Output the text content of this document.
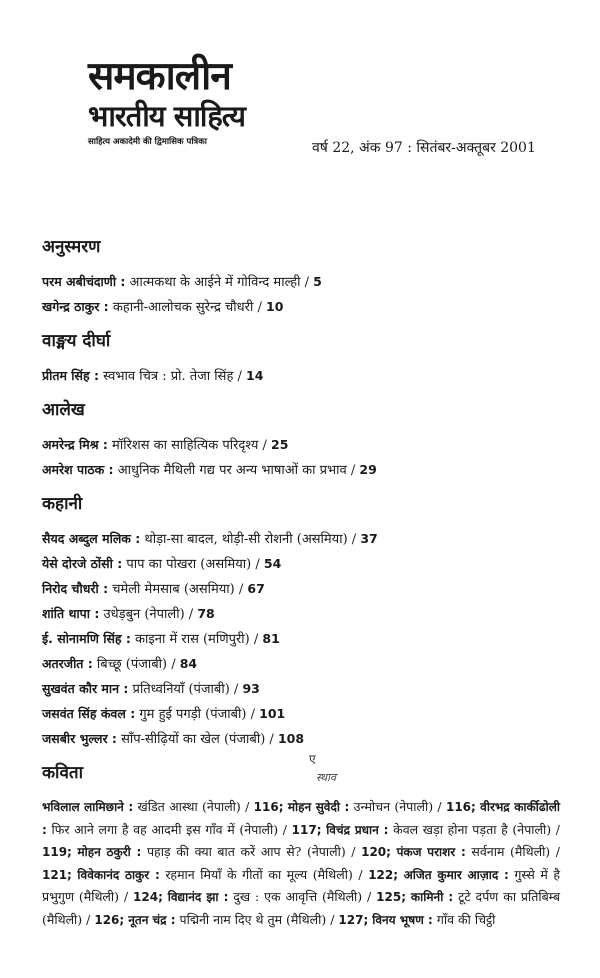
समकालीन
भारतीय साहित्य
साहित्य अकादेमी की द्विमासिक पत्रिका	वर्ष 22, अंक 97 : सितंबर-अक्तूबर 2001
ए
स्थ‍ाव
अनुस्मरण
परम अबीचंदाणी : आत्मकथा के आईने में गोविन्द माल्ही / 5
खगेन्द्र ठाकुर : कहानी-आलोचक सुरेन्द्र चौधरी / 10
वाङ्मय दीर्घा
प्रीतम सिंह : स्वभाव चित्र : प्रो. तेजा सिंह / 14
आलेख
अमरेन्द्र मिश्र : मॉरिशस का साहित्यिक परिदृश्य / 25
अमरेश पाठक : आधुनिक मैथिली गद्य पर अन्य भाषाओं का प्रभाव / 29
कहानी
सैयद अब्दुल मलिक : थोड़ा-सा बादल, थोड़ी-सी रोशनी (असमिया) / 37
येसे दोरजे ठोंसी : पाप का पोखरा (असमिया) / 54
निरोद चौधरी : चमेली मेमसाब (असमिया) / 67
शांति थापा : उधेड़बुन (नेपाली) / 78
ई. सोनामणि सिंह : काइना में रास (मणिपुरी) / 81
अतरजीत : बिच्छू (पंजाबी) / 84
सुखवंत कौर मान : प्रतिध्वनियाँ (पंजाबी) / 93
जसवंत सिंह कंवल : गुम हुई पगड़ी (पंजाबी) / 101
जसबीर भुल्लर : साँप-सीढ़ियों का खेल (पंजाबी) / 108
कविता
भविलाल लामिछाने : खंडित आस्था (नेपाली) / 116; मोहन सुवेदी : उन्मोचन (नेपाली) / 116; वीरभद्र कार्कीढोली : फिर आने लगा है वह आदमी इस गाँव में (नेपाली) / 117; विचंद्र प्रधान : केवल खड़ा होना पड़ता है (नेपाली) / 119; मोहन ठकुरी : पहाड़ की क्या बात करें आप से? (नेपाली) / 120; पंकज पराशर : सर्वनाम (मैथिली) / 121; विवेकानंद ठाकुर : रहमान मियाँ के गीतों का मूल्य (मैथिली) / 122; अजित कुमार आज़ाद : गुस्से में है प्रभुगुण (मैथिली) / 124; विद्यानंद झा : दुख : एक आवृत्ति (मैथिली) / 125; कामिनी : टूटे दर्पण का प्रतिबिम्ब (मैथिली) / 126; नूतन चंद्र : पद्मिनी नाम दिए थे तुम (मैथिली) / 127; विनय भूषण : गाँव की चिट्ठी
